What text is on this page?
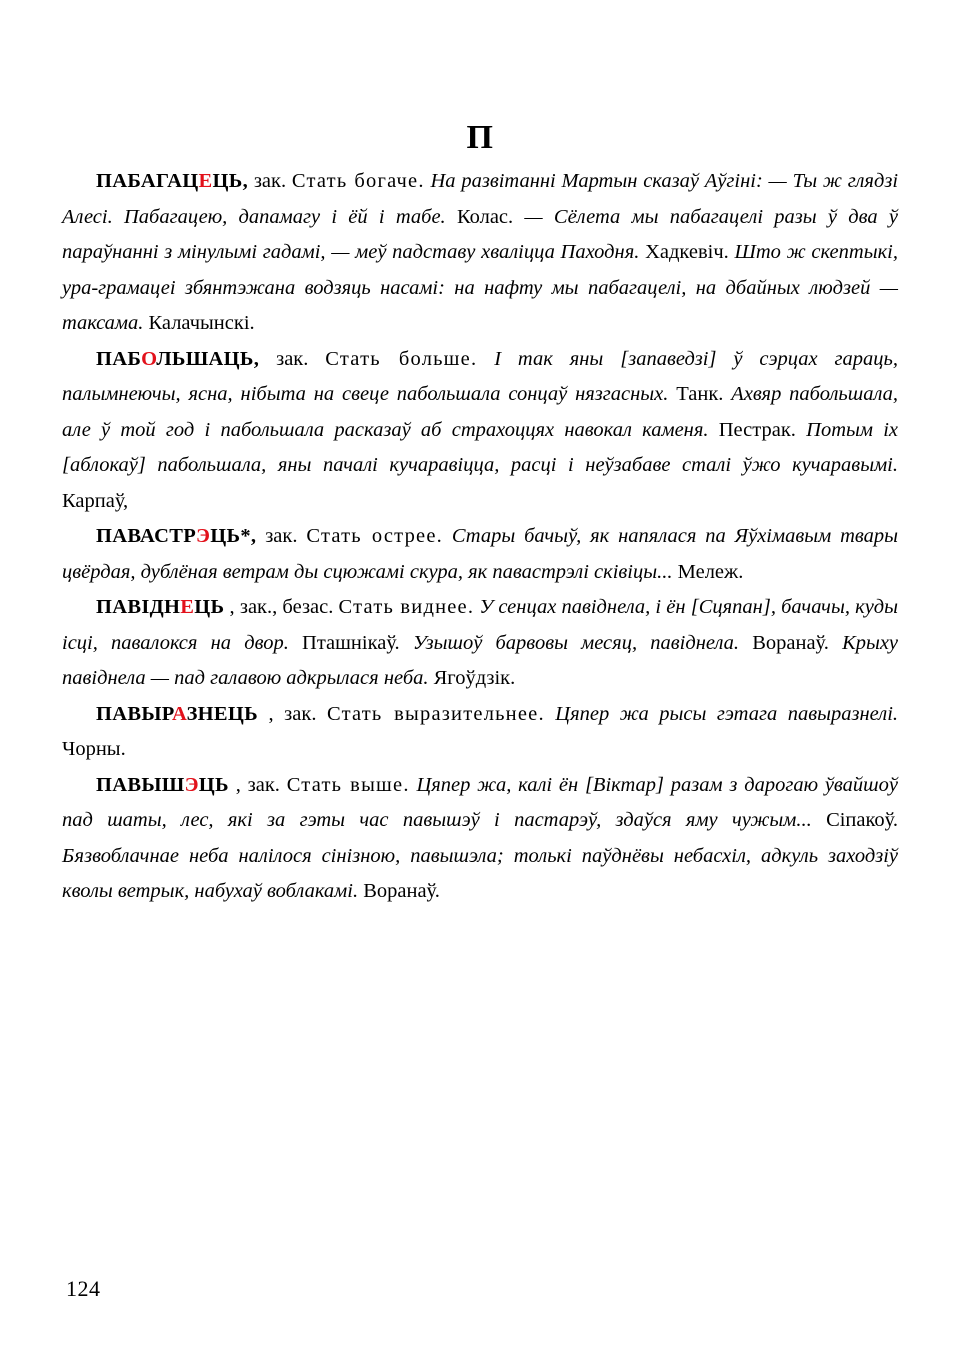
П

ПАБАГАЦЕЦЬ, зак. Стать богаче. На развітанні Мартын сказаў Аўгіні: — Ты ж глядзі Алесі. Пабагацею, дапамагу і ёй і табе. Колас. — Сёлета мы пабагацелі разы ў два ў параўнанні з мінулымі гадамі, — меў падставу хваліцца Паходня. Хадкевіч. Што ж скептыкі, ура-грамацеі збянтэжана водзяць насамі: на нафту мы пабагацелі, на дбайных людзей — таксама. Калачынскі.

ПАБОЛЬШАЦЬ, зак. Стать больше. І так яны [запаведзі] ў сэрцах гараць, палымнеючы, ясна, нібыта на свеце пабольшала сонцаў нязгасных. Танк. Ахвяр пабольшала, але ў той год і пабольшала расказаў аб страхоццях навокал каменя. Пестрак. Потым іх [аблокаў] пабольшала, яны пачалі кучаравіцца, расці і неўзабаве сталі ўжо кучаравымі. Карпаў,

ПАВАСТРЭЦЬ*, зак. Стать острее. Стары бачыў, як напялася па Яўхімавым твары цвёрдая, дублёная ветрам ды сцюжамі скура, як павастрэлі сківіцы... Мележ.

ПАВІДНЕЦЬ , зак., безас. Стать виднее. У сенцах павіднела, і ён [Сцяпан], бачачы, куды ісці, павалокся на двор. Пташнікаў. Узышоў барвовы месяц, павіднела. Воранаў. Крыху павіднела — пад галавою адкрылася неба. Ягоўдзік.

ПАВЫРАЗНЕЦЬ , зак. Стать выразительнее. Цяпер жа рысы гэтага павыразнелі. Чорны.

ПАВЫШЭЦЬ , зак. Стать выше. Цяпер жа, калі ён [Віктар] разам з дарогаю ўвайшоў пад шаты, лес, які за гэты час павышэў і пастарэў, здаўся яму чужым... Сіпакоў. Бязвоблачнае неба налілося сінізною, павышэла; толькі паўднёвы небасхіл, адкуль заходзіў кволы ветрык, набухаў воблакамі. Воранаў.

124
